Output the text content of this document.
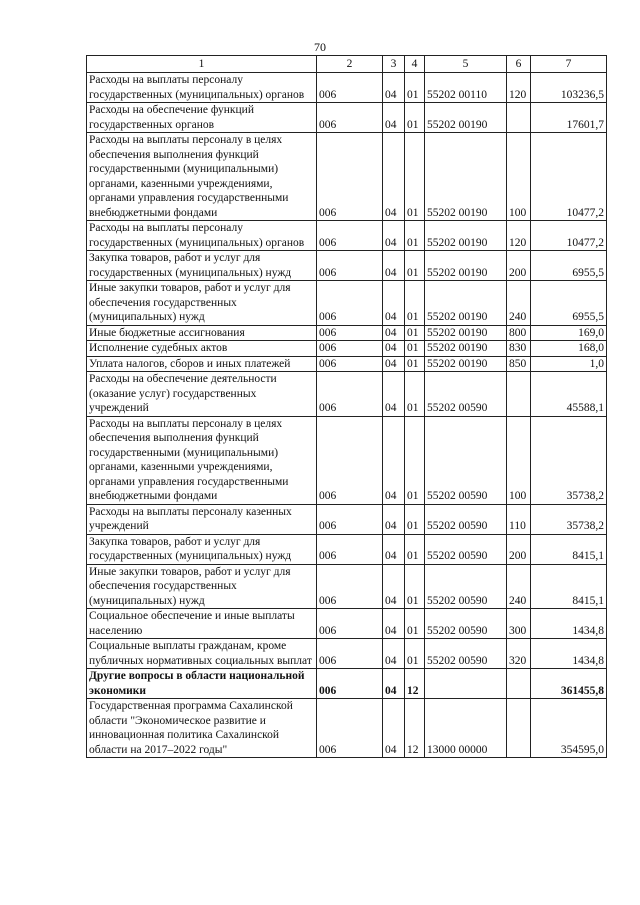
70
1	2	3	4	5	6	7
Расходы на выплаты персоналу государственных (муниципальных) органов	006	04	01	55202 00110	120	103236,5
Расходы на обеспечение функций государственных органов	006	04	01	55202 00190		17601,7
Расходы на выплаты персоналу в целях обеспечения выполнения функций государственными (муниципальными) органами, казенными учреждениями, органами управления государственными внебюджетными фондами	006	04	01	55202 00190	100	10477,2
Расходы на выплаты персоналу государственных (муниципальных) органов	006	04	01	55202 00190	120	10477,2
Закупка товаров, работ и услуг для государственных (муниципальных) нужд	006	04	01	55202 00190	200	6955,5
Иные закупки товаров, работ и услуг для обеспечения государственных (муниципальных) нужд	006	04	01	55202 00190	240	6955,5
Иные бюджетные ассигнования	006	04	01	55202 00190	800	169,0
Исполнение судебных актов	006	04	01	55202 00190	830	168,0
Уплата налогов, сборов и иных платежей	006	04	01	55202 00190	850	1,0
Расходы на обеспечение деятельности (оказание услуг) государственных учреждений	006	04	01	55202 00590		45588,1
Расходы на выплаты персоналу в целях обеспечения выполнения функций государственными (муниципальными) органами, казенными учреждениями, органами управления государственными внебюджетными фондами	006	04	01	55202 00590	100	35738,2
Расходы на выплаты персоналу казенных учреждений	006	04	01	55202 00590	110	35738,2
Закупка товаров, работ и услуг для государственных (муниципальных) нужд	006	04	01	55202 00590	200	8415,1
Иные закупки товаров, работ и услуг для обеспечения государственных (муниципальных) нужд	006	04	01	55202 00590	240	8415,1
Социальное обеспечение и иные выплаты населению	006	04	01	55202 00590	300	1434,8
Социальные выплаты гражданам, кроме публичных нормативных социальных выплат	006	04	01	55202 00590	320	1434,8
Другие вопросы в области национальной экономики	006	04	12			361455,8
Государственная программа Сахалинской области "Экономическое развитие и инновационная политика Сахалинской области на 2017–2022 годы"	006	04	12	13000 00000		354595,0
